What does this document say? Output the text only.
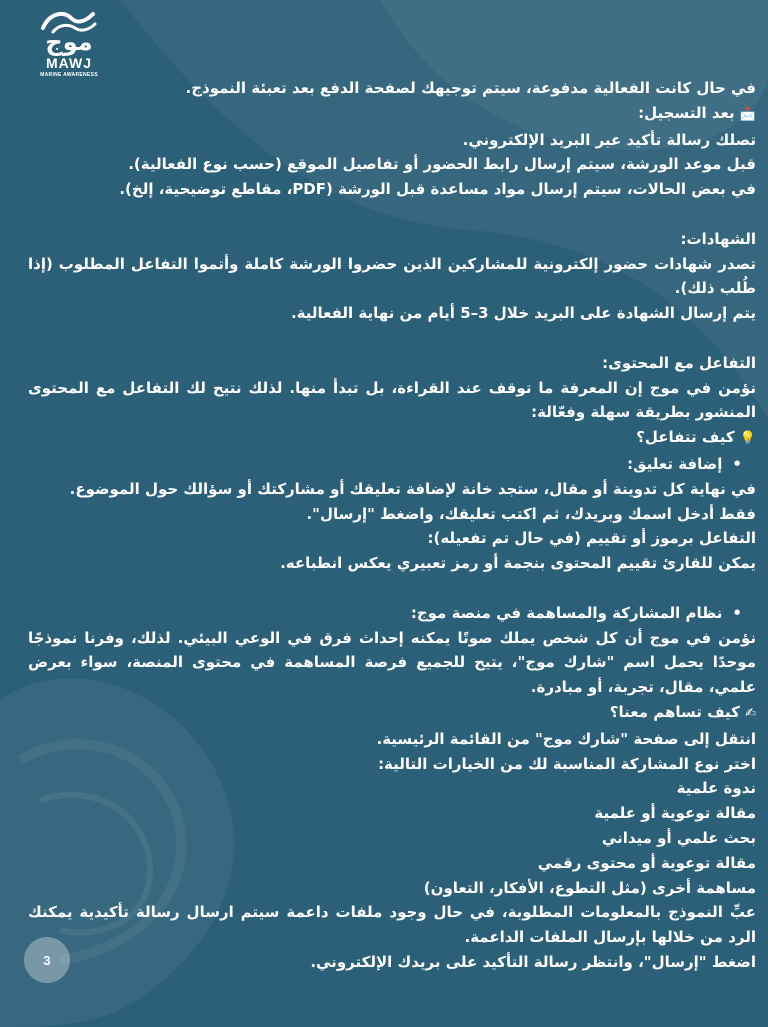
موج
MAWJ
MARINE AWARENESS

في حال كانت الفعالية مدفوعة، سيتم توجيهك لصفحة الدفع بعد تعبئة النموذج.

📩 بعد التسجيل:

تصلك رسالة تأكيد عبر البريد الإلكتروني.

قبل موعد الورشة، سيتم إرسال رابط الحضور أو تفاصيل الموقع (حسب نوع الفعالية).

في بعض الحالات، سيتم إرسال مواد مساعدة قبل الورشة (PDF، مقاطع توضيحية، إلخ).

الشهادات:

تصدر شهادات حضور إلكترونية للمشاركين الذين حضروا الورشة كاملة وأتموا التفاعل المطلوب (إذا طُلب ذلك).

يتم إرسال الشهادة على البريد خلال 3–5 أيام من نهاية الفعالية.

التفاعل مع المحتوى:

نؤمن في موج إن المعرفة ما توقف عند القراءة، بل تبدأ منها. لذلك نتيح لك التفاعل مع المحتوى المنشور بطريقة سهلة وفعّالة:

💡 كيف تتفاعل؟

• إضافة تعليق:

في نهاية كل تدوينة أو مقال، ستجد خانة لإضافة تعليقك أو مشاركتك أو سؤالك حول الموضوع.

فقط أدخل اسمك وبريدك، ثم اكتب تعليقك، واضغط "إرسال".

التفاعل برموز أو تقييم (في حال تم تفعيله):

يمكن للقارئ تقييم المحتوى بنجمة أو رمز تعبيري يعكس انطباعه.

• نظام المشاركة والمساهمة في منصة موج:

نؤمن في موج أن كل شخص يملك صوتًا يمكنه إحداث فرق في الوعي البيئي. لذلك، وفرنا نموذجًا موحدًا يحمل اسم "شارك موج"، يتيح للجميع فرصة المساهمة في محتوى المنصة، سواء بعرض علمي، مقال، تجربة، أو مبادرة.

✍ كيف تساهم معنا؟

انتقل إلى صفحة "شارك موج" من القائمة الرئيسية.

اختر نوع المشاركة المناسبة لك من الخيارات التالية:

ندوة علمية

مقالة توعوية أو علمية

بحث علمي أو ميداني

مقالة توعوية أو محتوى رقمي

مساهمة أخرى (مثل التطوع، الأفكار، التعاون)

عبِّ النموذج بالمعلومات المطلوبة، في حال وجود ملفات داعمة سيتم ارسال رسالة تأكيدية يمكنك الرد من خلالها بإرسال الملفات الداعمة.

اضغط "إرسال"، وانتظر رسالة التأكيد على بريدك الإلكتروني.

3
